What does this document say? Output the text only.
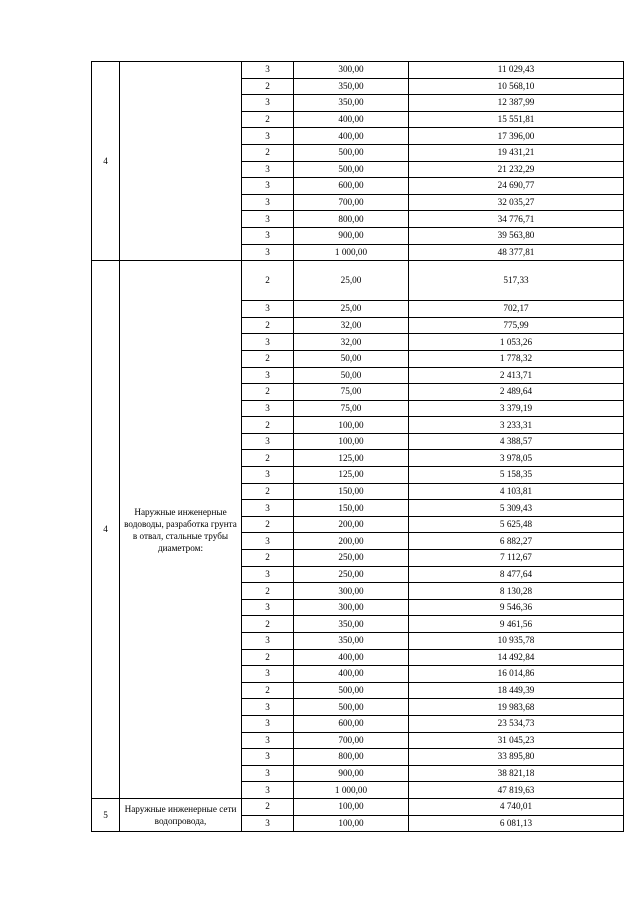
4		3	300,00	11 029,43
		2	350,00	10 568,10
		3	350,00	12 387,99
		2	400,00	15 551,81
		3	400,00	17 396,00
		2	500,00	19 431,21
		3	500,00	21 232,29
		3	600,00	24 690,77
		3	700,00	32 035,27
		3	800,00	34 776,71
		3	900,00	39 563,80
		3	1 000,00	48 377,81
4	Наружные инженерные водоводы, разработка грунта в отвал, стальные трубы диаметром:	2	25,00	517,33
		3	25,00	702,17
		2	32,00	775,99
		3	32,00	1 053,26
		2	50,00	1 778,32
		3	50,00	2 413,71
		2	75,00	2 489,64
		3	75,00	3 379,19
		2	100,00	3 233,31
		3	100,00	4 388,57
		2	125,00	3 978,05
		3	125,00	5 158,35
		2	150,00	4 103,81
		3	150,00	5 309,43
		2	200,00	5 625,48
		3	200,00	6 882,27
		2	250,00	7 112,67
		3	250,00	8 477,64
		2	300,00	8 130,28
		3	300,00	9 546,36
		2	350,00	9 461,56
		3	350,00	10 935,78
		2	400,00	14 492,84
		3	400,00	16 014,86
		2	500,00	18 449,39
		3	500,00	19 983,68
		3	600,00	23 534,73
		3	700,00	31 045,23
		3	800,00	33 895,80
		3	900,00	38 821,18
		3	1 000,00	47 819,63
5	Наружные инженерные сети водопровода,	2	100,00	4 740,01
		3	100,00	6 081,13
